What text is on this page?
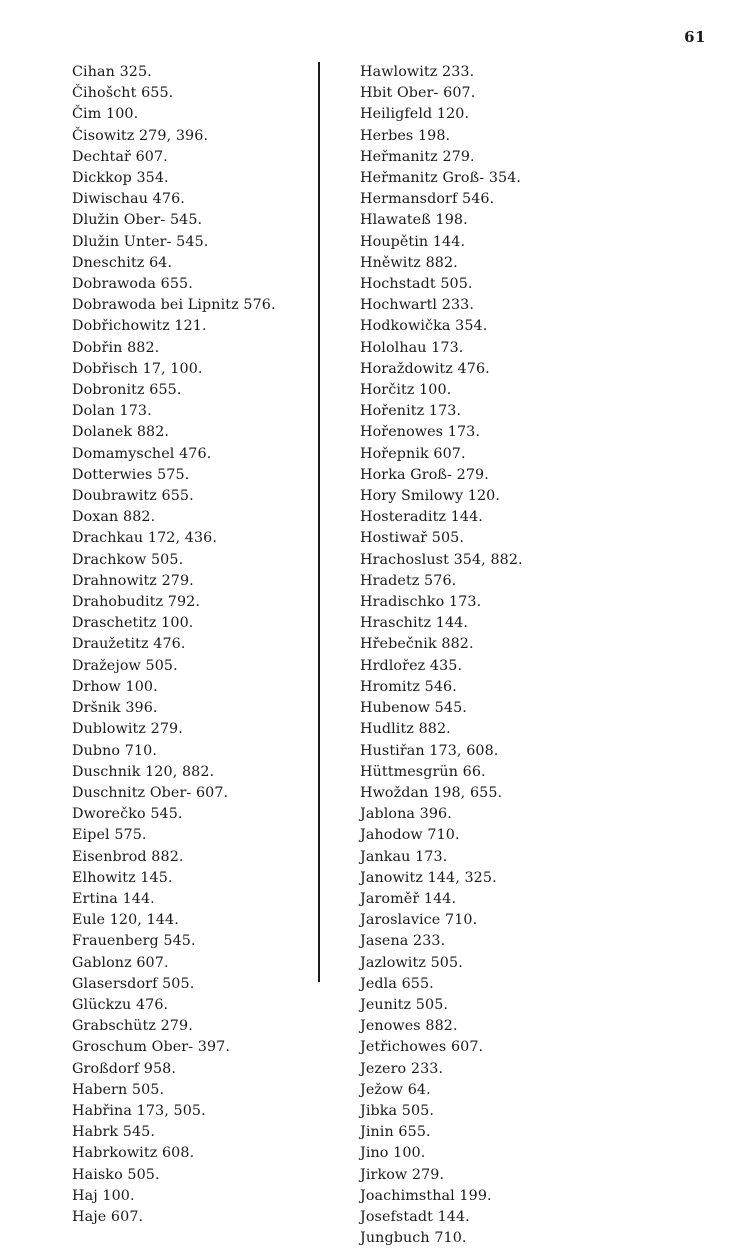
61
Cihan 325.
Čihošcht 655.
Čim 100.
Čisowitz 279, 396.
Dechtař 607.
Dickkop 354.
Diwischau 476.
Dlužin Ober- 545.
Dlužin Unter- 545.
Dneschitz 64.
Dobrawoda 655.
Dobrawoda bei Lipnitz 576.
Dobřichowitz 121.
Dobřin 882.
Dobřisch 17, 100.
Dobronitz 655.
Dolan 173.
Dolanek 882.
Domamyschel 476.
Dotterwies 575.
Doubrawitz 655.
Doxan 882.
Drachkau 172, 436.
Drachkow 505.
Drahnowitz 279.
Drahobuditz 792.
Draschetitz 100.
Draužetitz 476.
Dražejow 505.
Drhow 100.
Dršnik 396.
Dublowitz 279.
Dubno 710.
Duschnik 120, 882.
Duschnitz Ober- 607.
Dworečko 545.
Eipel 575.
Eisenbrod 882.
Elhowitz 145.
Ertina 144.
Eule 120, 144.
Frauenberg 545.
Gablonz 607.
Glasersdorf 505.
Glückzu 476.
Grabschütz 279.
Groschum Ober- 397.
Großdorf 958.
Habern 505.
Habřina 173, 505.
Habrk 545.
Habrkowitz 608.
Haisko 505.
Haj 100.
Haje 607.
Hawlowitz 233.
Hbit Ober- 607.
Heiligfeld 120.
Herbes 198.
Heřmanitz 279.
Heřmanitz Groß- 354.
Hermansdorf 546.
Hlawateß 198.
Houpětin 144.
Hněwitz 882.
Hochstadt 505.
Hochwartl 233.
Hodkowička 354.
Hololhau 173.
Horaždowitz 476.
Horčitz 100.
Hořenitz 173.
Hořenowes 173.
Hořepnik 607.
Horka Groß- 279.
Hory Smilowy 120.
Hosteraditz 144.
Hostiwař 505.
Hrachoslust 354, 882.
Hradetz 576.
Hradischko 173.
Hraschitz 144.
Hřebečnik 882.
Hrdlořez 435.
Hromitz 546.
Hubenow 545.
Hudlitz 882.
Hustiřan 173, 608.
Hüttmesgrün 66.
Hwoždan 198, 655.
Jablona 396.
Jahodow 710.
Jankau 173.
Janowitz 144, 325.
Jaroměř 144.
Jaroslavice 710.
Jasena 233.
Jazlowitz 505.
Jedla 655.
Jeunitz 505.
Jenowes 882.
Jetřichowes 607.
Jezero 233.
Ježow 64.
Jibka 505.
Jinin 655.
Jino 100.
Jirkow 279.
Joachimsthal 199.
Josefstadt 144.
Jungbuch 710.
